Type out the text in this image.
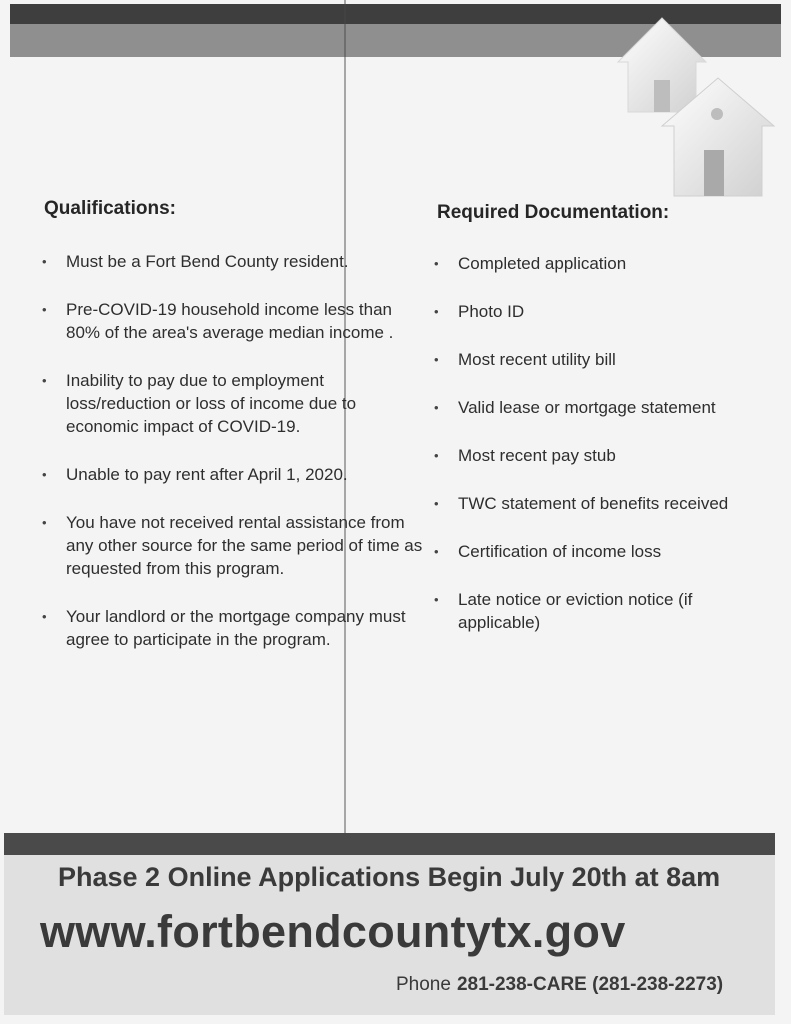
Qualifications:
• Must be a Fort Bend County resident.
• Pre-COVID-19 household income less than 80% of the area's average median income .
• Inability to pay due to employment loss/reduction or loss of income due to economic impact of COVID-19.
• Unable to pay rent after April 1, 2020.
• You have not received rental assistance from any other source for the same period of time as requested from this program.
• Your landlord or the mortgage company must agree to participate in the program.
Required Documentation:
• Completed application
• Photo ID
• Most recent utility bill
• Valid lease or mortgage statement
• Most recent pay stub
• TWC statement of benefits received
• Certification of income loss
• Late notice or eviction notice (if applicable)

Phase 2 Online Applications Begin July 20th at 8am

www.fortbendcountytx.gov

Phone 281-238-CARE (281-238-2273)
